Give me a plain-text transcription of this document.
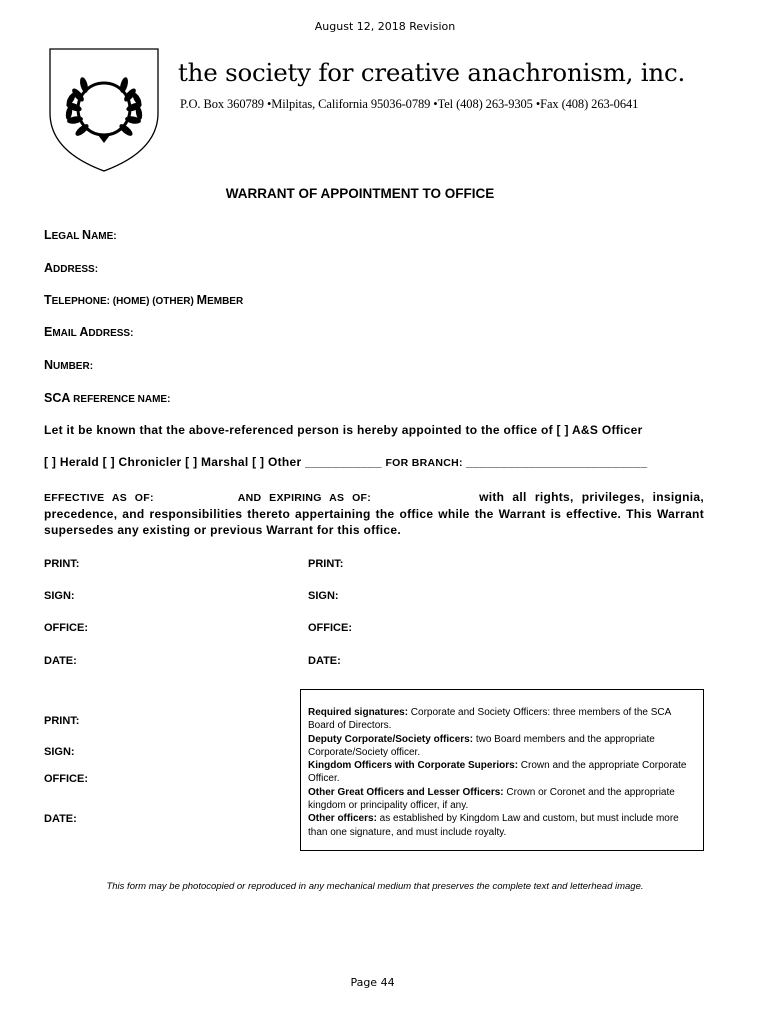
August 12, 2018 Revision
the society for creative anachronism, inc.
P.O. Box 360789 •Milpitas, California 95036-0789 •Tel (408) 263-9305 •Fax (408) 263-0641
WARRANT OF APPOINTMENT TO OFFICE
LEGAL NAME:
ADDRESS:
TELEPHONE: (HOME) (OTHER) MEMBER
EMAIL ADDRESS:
NUMBER:
SCA REFERENCE NAME:
Let it be known that the above-referenced person is hereby appointed to the office of [ ] A&S Officer
[ ] Herald [ ] Chronicler [ ] Marshal [ ] Other ___________ FOR BRANCH: __________________________
EFFECTIVE AS OF:	AND EXPIRING AS OF:	with all rights, privileges, insignia, precedence, and responsibilities thereto appertaining the office while the Warrant is effective. This Warrant supersedes any existing or previous Warrant for this office.
PRINT:	PRINT:
SIGN:	SIGN:
OFFICE:	OFFICE:
DATE:	DATE:
PRINT:
SIGN:
OFFICE:
DATE:
Required signatures: Corporate and Society Officers: three members of the SCA Board of Directors.
Deputy Corporate/Society officers: two Board members and the appropriate Corporate/Society officer.
Kingdom Officers with Corporate Superiors: Crown and the appropriate Corporate Officer.
Other Great Officers and Lesser Officers: Crown or Coronet and the appropriate kingdom or principality officer, if any.
Other officers: as established by Kingdom Law and custom, but must include more than one signature, and must include royalty.
This form may be photocopied or reproduced in any mechanical medium that preserves the complete text and letterhead image.
Page 44
